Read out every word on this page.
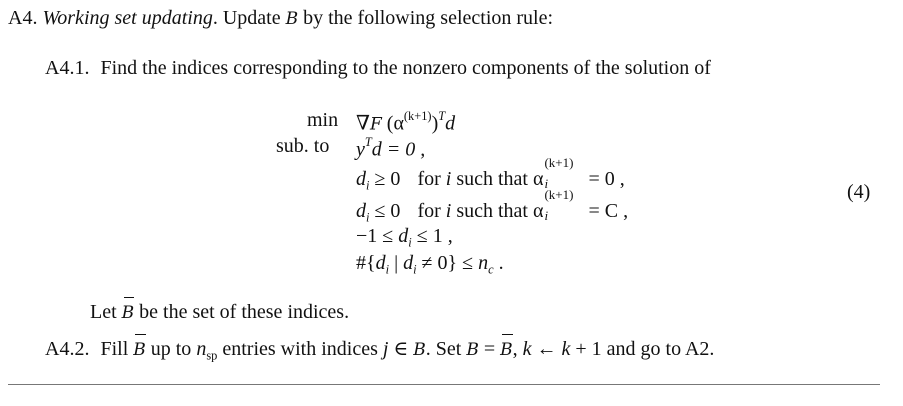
A4. Working set updating. Update B by the following selection rule:
A4.1. Find the indices corresponding to the nonzero components of the solution of
min ∇F $(\alpha^{(k+1)})^Td$
sub. to $y^Td = 0$ ,
$d_i \ge 0$ for i such that α
(k+1)
i = 0 ,
$d_i \le 0$ for i such that α
(k+1)
i = C ,
(4)
$-1 \le d_i \le 1$ ,
$\#\{d_i$ | $d_i \ne 0\} \le n_c$ .
Let B be the set of these indices.
A4.2. Fill B up to $n_{sp}$ entries with indices j ∈ B. Set B = B, k ← k + 1 and go to A2.
